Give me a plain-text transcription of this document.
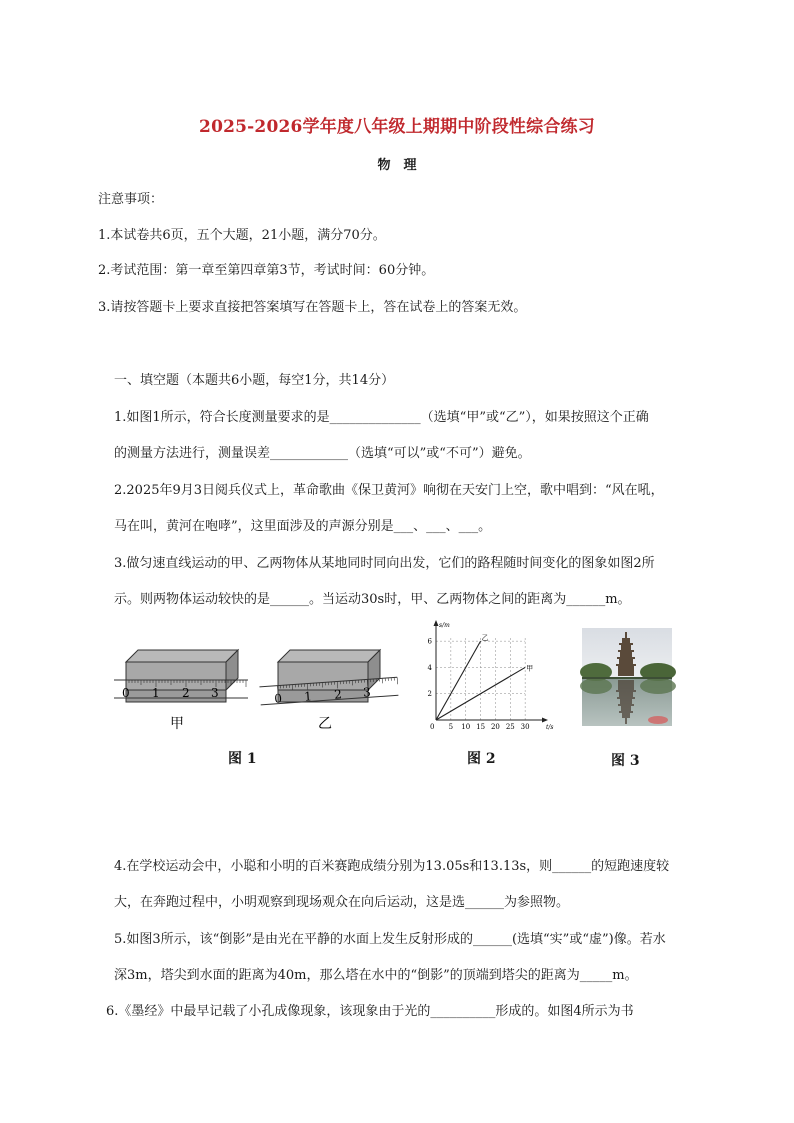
2025-2026学年度八年级上期期中阶段性综合练习
物　理
注意事项：
1.本试卷共6页，五个大题，21小题，满分70分。
2.考试范围：第一章至第四章第3节，考试时间：60分钟。
3.请按答题卡上要求直接把答案填写在答题卡上，答在试卷上的答案无效。
一、填空题（本题共6小题，每空1分，共14分）
1.如图1所示，符合长度测量要求的是______________（选填“甲”或“乙”），如果按照这个正确
的测量方法进行，测量误差____________（选填“可以”或“不可”）避免。
2.2025年9月3日阅兵仪式上，革命歌曲《保卫黄河》响彻在天安门上空，歌中唱到：“风在吼，
马在叫，黄河在咆哮”，这里面涉及的声源分别是___、___、___。
3.做匀速直线运动的甲、乙两物体从某地同时同向出发，它们的路程随时间变化的图象如图2所
示。则两物体运动较快的是______。当运动30s时，甲、乙两物体之间的距离为______m。
0 1 2 3	0 1 2 3
甲	乙
图 1
5 10 15 20 25 30
2
4
6
0
s/m
t/s
乙
甲
图 2	图 3
4.在学校运动会中，小聪和小明的百米赛跑成绩分别为13.05s和13.13s，则______的短跑速度较
大，在奔跑过程中，小明观察到现场观众在向后运动，这是选______为参照物。
5.如图3所示，该“倒影”是由光在平静的水面上发生反射形成的______(选填“实”或“虚”)像。若水
深3m，塔尖到水面的距离为40m，那么塔在水中的“倒影”的顶端到塔尖的距离为_____m。
6.《墨经》中最早记载了小孔成像现象，该现象由于光的__________形成的。如图4所示为书
